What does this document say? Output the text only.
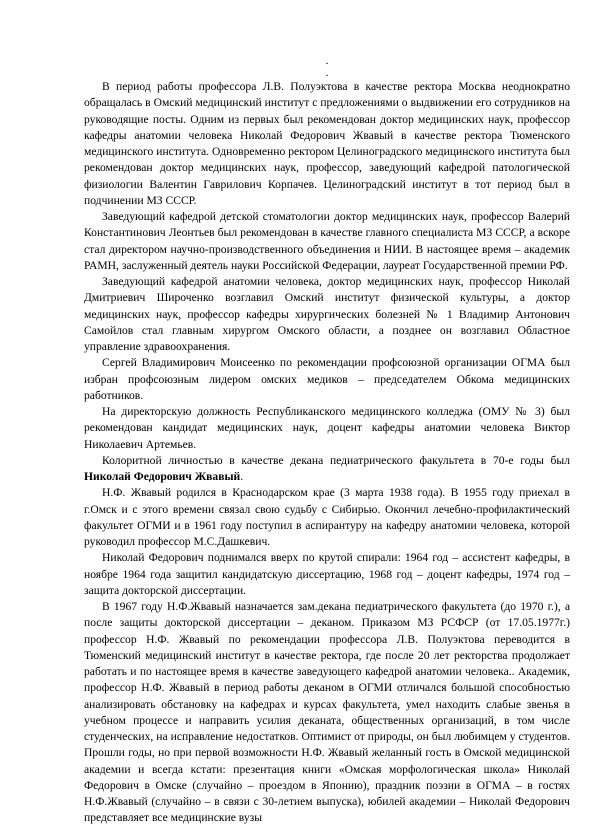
.
.

В период работы профессора Л.В. Полуэктова в качестве ректора Москва неоднократно обращалась в Омский медицинский институт с предложениями о выдвижении его сотрудников на руководящие посты. Одним из первых был рекомендован доктор медицинских наук, профессор кафедры анатомии человека Николай Федорович Жвавый в качестве ректора Тюменского медицинского института. Одновременно ректором Целиноградского медицинского института был рекомендован доктор медицинских наук, профессор, заведующий кафедрой патологической физиологии Валентин Гаврилович Корпачев. Целиноградский институт в тот период был в подчинении МЗ СССР.

Заведующий кафедрой детской стоматологии доктор медицинских наук, профессор Валерий Константинович Леонтьев был рекомендован в качестве главного специалиста МЗ СССР, а вскоре стал директором научно-производственного объединения и НИИ. В настоящее время – академик РАМН, заслуженный деятель науки Российской Федерации, лауреат Государственной премии РФ.

Заведующий кафедрой анатомии человека, доктор медицинских наук, профессор Николай Дмитриевич Широченко возглавил Омский институт физической культуры, а доктор медицинских наук, профессор кафедры хирургических болезней № 1 Владимир Антонович Самойлов стал главным хирургом Омского области, а позднее он возглавил Областное управление здравоохранения.

Сергей Владимирович Моисеенко по рекомендации профсоюзной организации ОГМА был избран профсоюзным лидером омских медиков – председателем Обкома медицинских работников.

На директорскую должность Республиканского медицинского колледжа (ОМУ № 3) был рекомендован кандидат медицинских наук, доцент кафедры анатомии человека Виктор Николаевич Артемьев.

Колоритной личностью в качестве декана педиатрического факультета в 70-е годы был Николай Федорович Жвавый.

Н.Ф. Жвавый родился в Краснодарском крае (3 марта 1938 года). В 1955 году приехал в г.Омск и с этого времени связал свою судьбу с Сибирью. Окончил лечебно-профилактический факультет ОГМИ и в 1961 году поступил в аспирантуру на кафедру анатомии человека, которой руководил профессор М.С.Дашкевич.

Николай Федорович поднимался вверх по крутой спирали: 1964 год – ассистент кафедры, в ноябре 1964 года защитил кандидатскую диссертацию, 1968 год – доцент кафедры, 1974 год – защита докторской диссертации.

В 1967 году Н.Ф.Жвавый назначается зам.декана педиатрического факультета (до 1970 г.), а после защиты докторской диссертации – деканом. Приказом МЗ РСФСР (от 17.05.1977г.) профессор Н.Ф. Жвавый по рекомендации профессора Л.В. Полуэктова переводится в Тюменский медицинский институт в качестве ректора, где после 20 лет ректорства продолжает работать и по настоящее время в качестве заведующего кафедрой анатомии человека.. Академик, профессор Н.Ф. Жвавый в период работы деканом в ОГМИ отличался большой способностью анализировать обстановку на кафедрах и курсах факультета, умел находить слабые звенья в учебном процессе и направить усилия деканата, общественных организаций, в том числе студенческих, на исправление недостатков. Оптимист от природы, он был любимцем у студентов. Прошли годы, но при первой возможности Н.Ф. Жвавый желанный гость в Омской медицинской академии и всегда кстати: презентация книги «Омская морфологическая школа» Николай Федорович в Омске (случайно – проездом в Японию), праздник поэзии в ОГМА – в гостях Н.Ф.Жвавый (случайно – в связи с 30-летием выпуска), юбилей академии – Николай Федорович представляет все медицинские вузы
